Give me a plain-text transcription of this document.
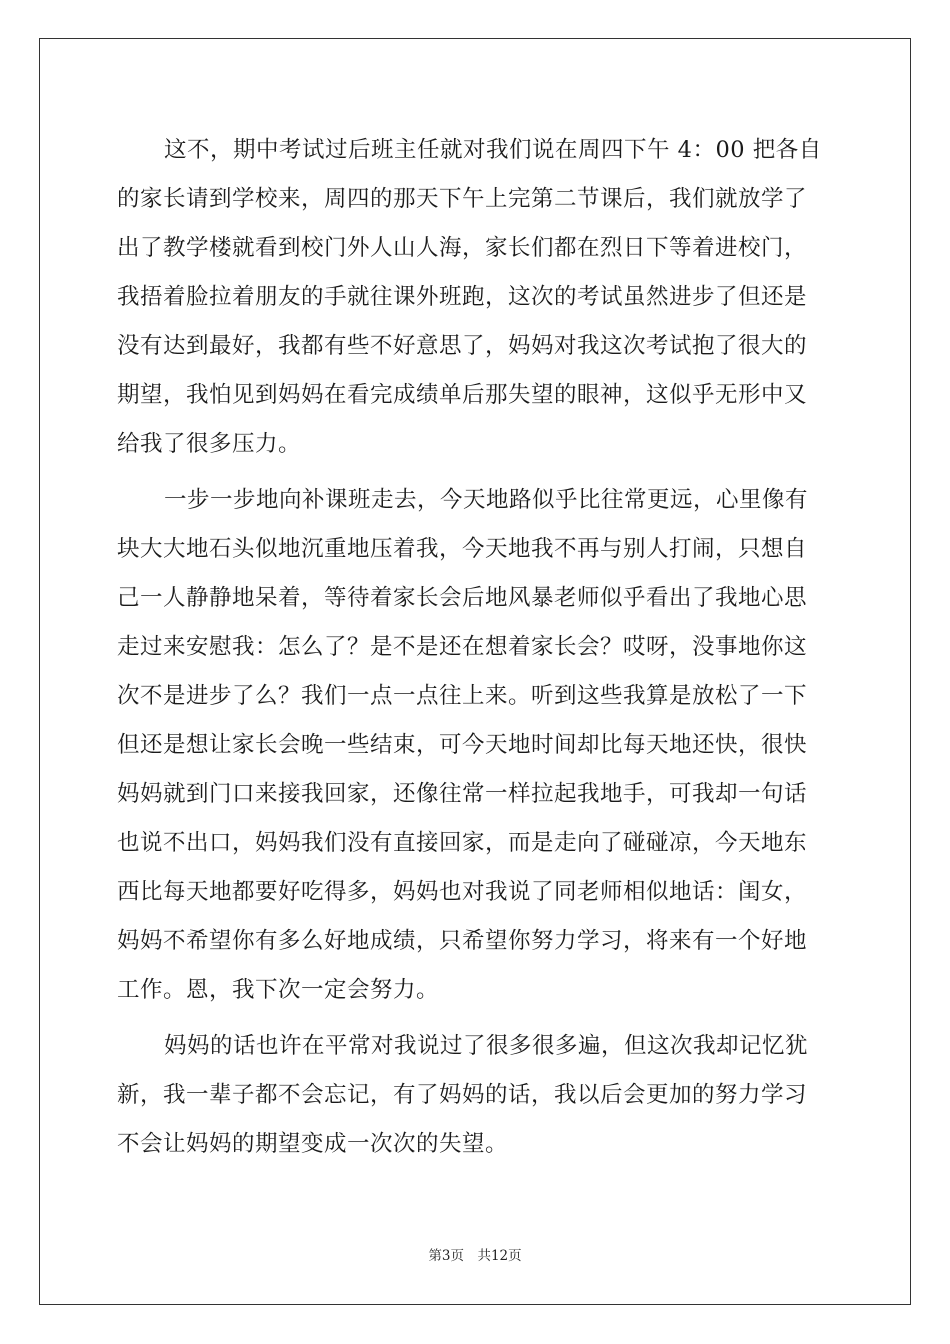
这不，期中考试过后班主任就对我们说在周四下午 4：00 把各自
的家长请到学校来，周四的那天下午上完第二节课后，我们就放学了
出了教学楼就看到校门外人山人海，家长们都在烈日下等着进校门，
我捂着脸拉着朋友的手就往课外班跑，这次的考试虽然进步了但还是
没有达到最好，我都有些不好意思了，妈妈对我这次考试抱了很大的
期望，我怕见到妈妈在看完成绩单后那失望的眼神，这似乎无形中又
给我了很多压力。
一步一步地向补课班走去，今天地路似乎比往常更远，心里像有
块大大地石头似地沉重地压着我，今天地我不再与别人打闹，只想自
己一人静静地呆着，等待着家长会后地风暴老师似乎看出了我地心思
走过来安慰我：怎么了？是不是还在想着家长会？哎呀，没事地你这
次不是进步了么？我们一点一点往上来。听到这些我算是放松了一下
但还是想让家长会晚一些结束，可今天地时间却比每天地还快，很快
妈妈就到门口来接我回家，还像往常一样拉起我地手，可我却一句话
也说不出口，妈妈我们没有直接回家，而是走向了碰碰凉，今天地东
西比每天地都要好吃得多，妈妈也对我说了同老师相似地话：闺女，
妈妈不希望你有多么好地成绩，只希望你努力学习，将来有一个好地
工作。恩，我下次一定会努力。
妈妈的话也许在平常对我说过了很多很多遍，但这次我却记忆犹
新，我一辈子都不会忘记，有了妈妈的话，我以后会更加的努力学习
不会让妈妈的期望变成一次次的失望。
第3页　共12页
